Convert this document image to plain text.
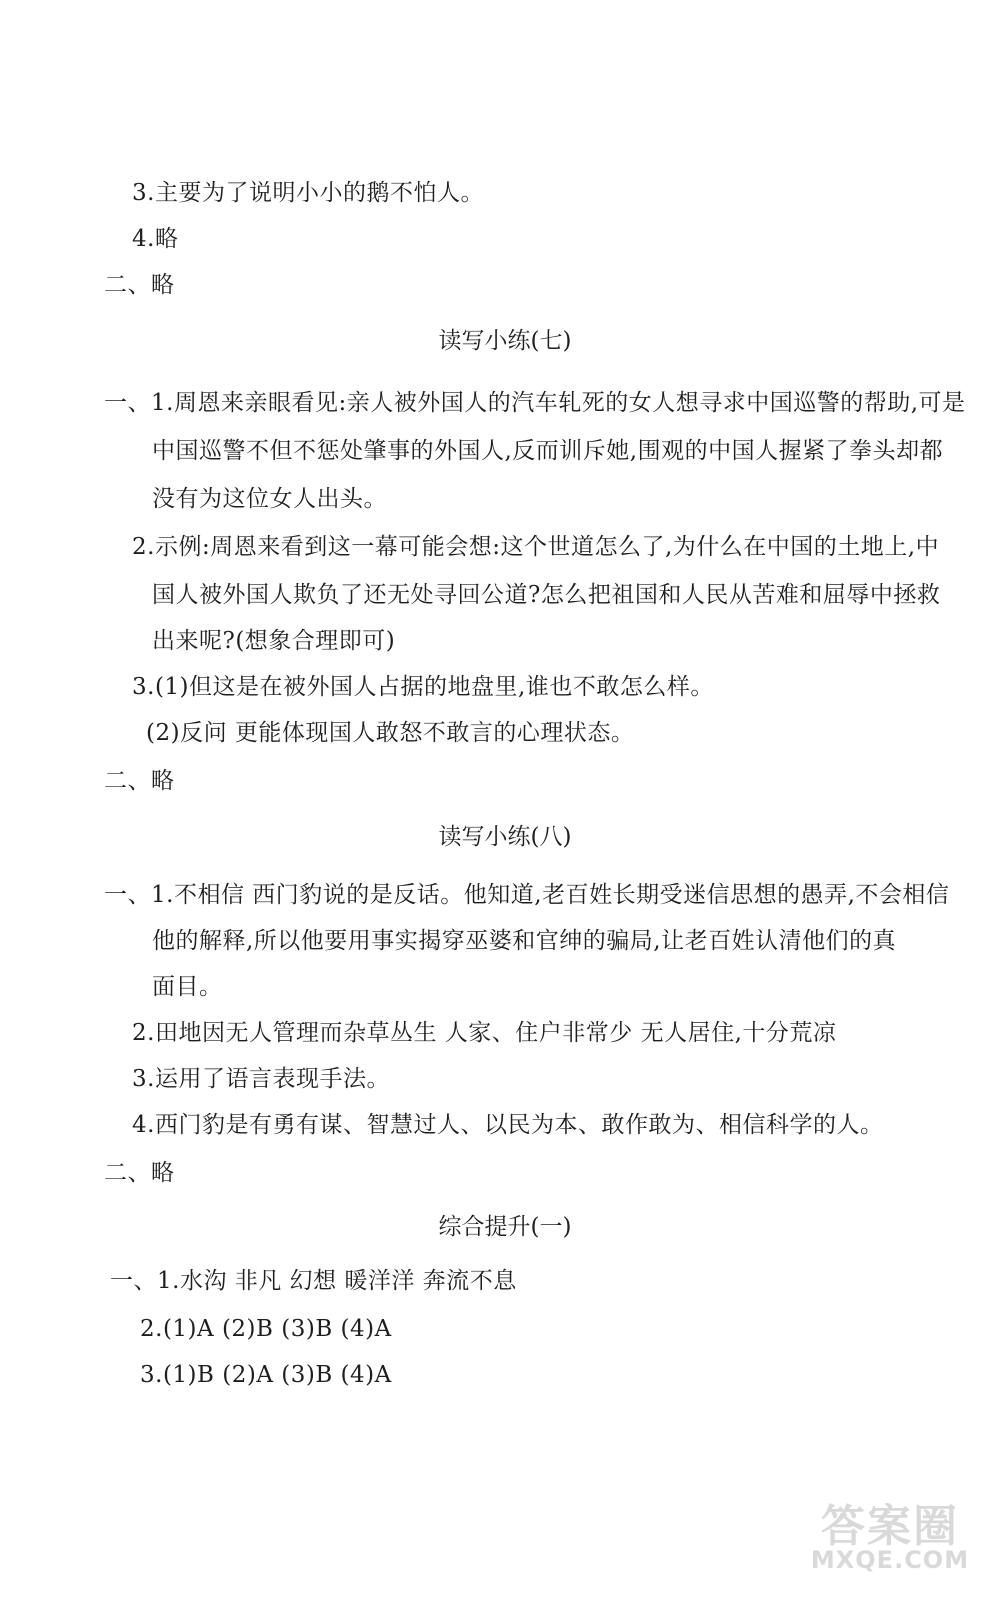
3.主要为了说明小小的鹅不怕人。
4.略
二、略
读写小练(七)
一、1.周恩来亲眼看见:亲人被外国人的汽车轧死的女人想寻求中国巡警的帮助,可是
中国巡警不但不惩处肇事的外国人,反而训斥她,围观的中国人握紧了拳头却都
没有为这位女人出头。
2.示例:周恩来看到这一幕可能会想:这个世道怎么了,为什么在中国的土地上,中
国人被外国人欺负了还无处寻回公道?怎么把祖国和人民从苦难和屈辱中拯救
出来呢?(想象合理即可)
3.(1)但这是在被外国人占据的地盘里,谁也不敢怎么样。
(2)反问 更能体现国人敢怒不敢言的心理状态。
二、略
读写小练(八)
一、1.不相信 西门豹说的是反话。他知道,老百姓长期受迷信思想的愚弄,不会相信
他的解释,所以他要用事实揭穿巫婆和官绅的骗局,让老百姓认清他们的真
面目。
2.田地因无人管理而杂草丛生 人家、住户非常少 无人居住,十分荒凉
3.运用了语言表现手法。
4.西门豹是有勇有谋、智慧过人、以民为本、敢作敢为、相信科学的人。
二、略
综合提升(一)
一、1.水沟 非凡 幻想 暖洋洋 奔流不息
2.(1)A (2)B (3)B (4)A
3.(1)B (2)A (3)B (4)A
答案圈
MXQE.COM
